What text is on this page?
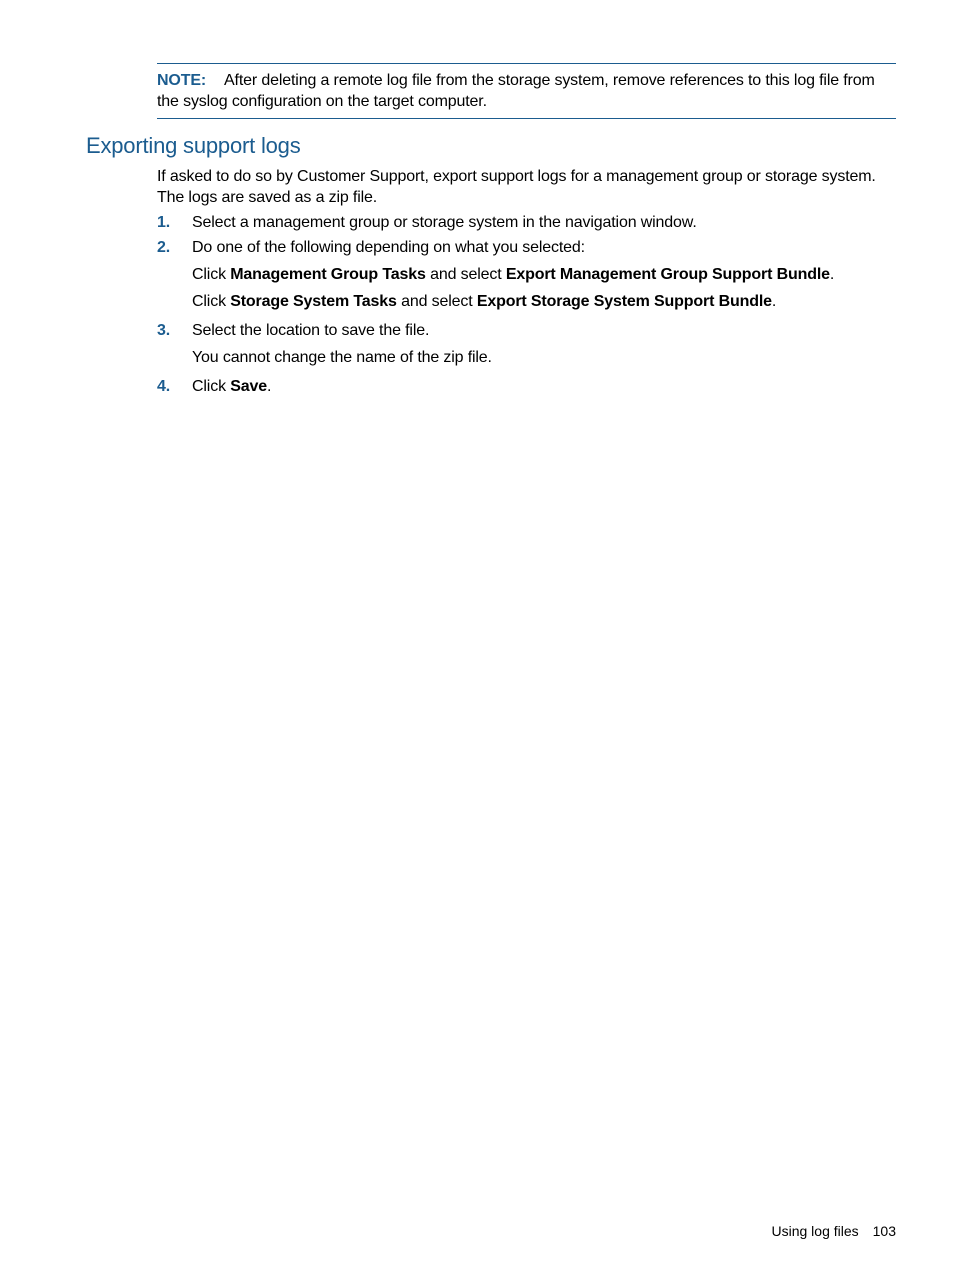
NOTE: After deleting a remote log file from the storage system, remove references to this log file from the syslog configuration on the target computer.
Exporting support logs

If asked to do so by Customer Support, export support logs for a management group or storage system. The logs are saved as a zip file.

1. Select a management group or storage system in the navigation window.
2. Do one of the following depending on what you selected:
Click Management Group Tasks and select Export Management Group Support Bundle.
Click Storage System Tasks and select Export Storage System Support Bundle.
3. Select the location to save the file.
You cannot change the name of the zip file.
4. Click Save.
Using log files 103
